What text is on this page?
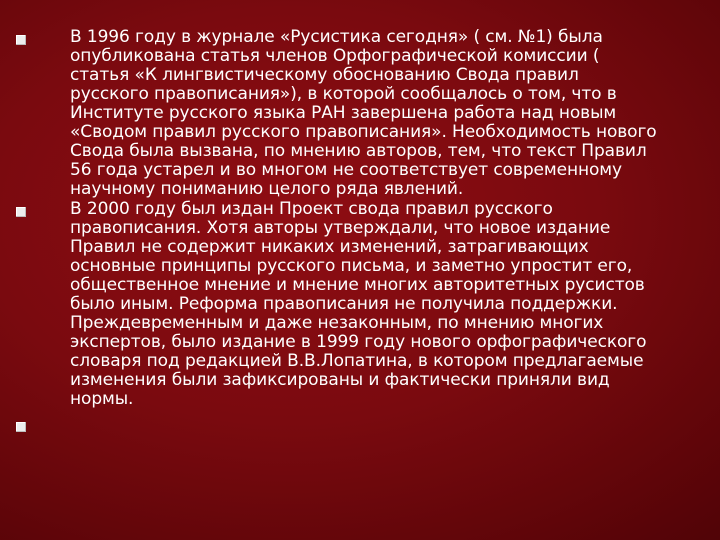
В 1996 году в журнале «Русистика сегодня» ( см. №1) была
опубликована статья членов Орфографической комиссии (
статья «К лингвистическому обоснованию Свода правил
русского правописания»), в которой сообщалось о том, что в
Институте русского языка РАН завершена работа над новым
«Сводом правил русского правописания». Необходимость нового
Свода была вызвана, по мнению авторов, тем, что текст Правил
56 года устарел и во многом не соответствует современному
научному пониманию целого ряда явлений.
В 2000 году был издан Проект свода правил русского
правописания. Хотя авторы утверждали, что новое издание
Правил не содержит никаких изменений, затрагивающих
основные принципы русского письма, и заметно упростит его,
общественное мнение и мнение многих авторитетных русистов
было иным. Реформа правописания не получила поддержки.
Преждевременным и даже незаконным, по мнению многих
экспертов, было издание в 1999 году нового орфографического
словаря под редакцией В.В.Лопатина, в котором предлагаемые
изменения были зафиксированы и фактически приняли вид
нормы.
